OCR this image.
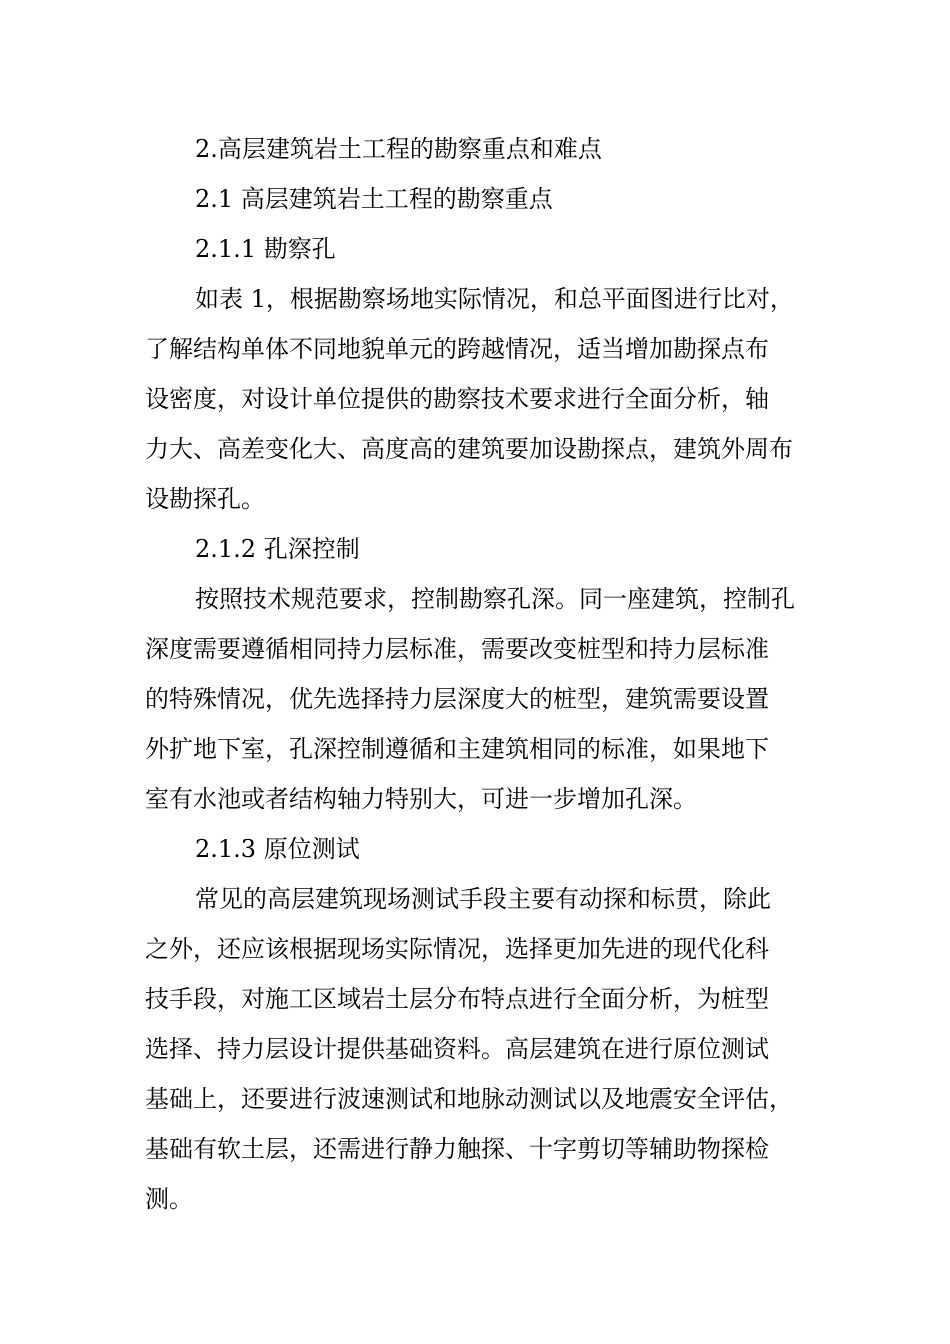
2.高层建筑岩土工程的勘察重点和难点
2.1 高层建筑岩土工程的勘察重点
2.1.1 勘察孔
如表 1，根据勘察场地实际情况，和总平面图进行比对，
了解结构单体不同地貌单元的跨越情况，适当增加勘探点布
设密度，对设计单位提供的勘察技术要求进行全面分析，轴
力大、高差变化大、高度高的建筑要加设勘探点，建筑外周布
设勘探孔。
2.1.2 孔深控制
按照技术规范要求，控制勘察孔深。同一座建筑，控制孔
深度需要遵循相同持力层标准，需要改变桩型和持力层标准
的特殊情况，优先选择持力层深度大的桩型，建筑需要设置
外扩地下室，孔深控制遵循和主建筑相同的标准，如果地下
室有水池或者结构轴力特别大，可进一步增加孔深。
2.1.3 原位测试
常见的高层建筑现场测试手段主要有动探和标贯，除此
之外，还应该根据现场实际情况，选择更加先进的现代化科
技手段，对施工区域岩土层分布特点进行全面分析，为桩型
选择、持力层设计提供基础资料。高层建筑在进行原位测试
基础上，还要进行波速测试和地脉动测试以及地震安全评估，
基础有软土层，还需进行静力触探、十字剪切等辅助物探检
测。
